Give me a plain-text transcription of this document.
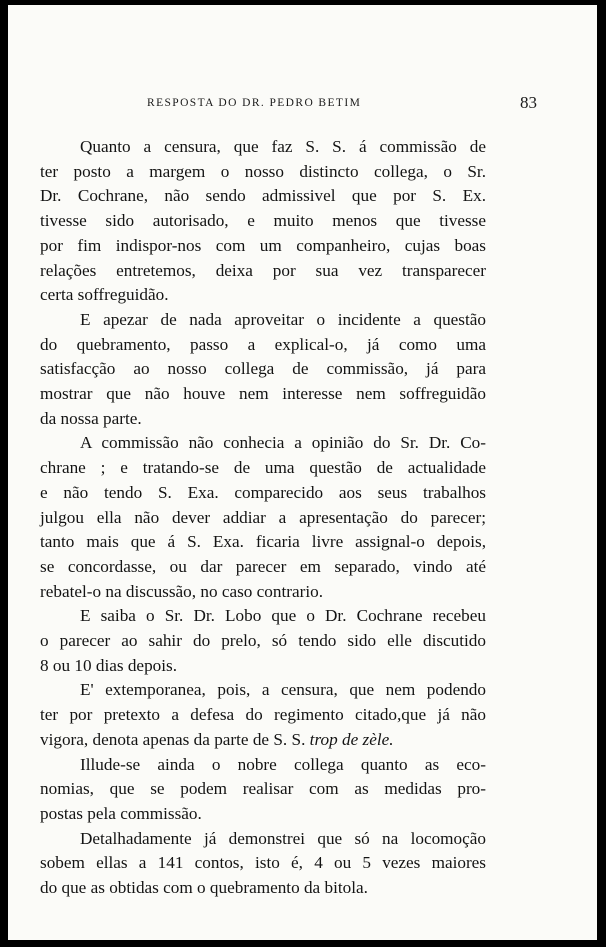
RESPOSTA DO DR. PEDRO BETIM	83

Quanto a censura, que faz S. S. á commissão de
ter posto a margem o nosso distincto collega, o Sr.
Dr. Cochrane, não sendo admissivel que por S. Ex.
tivesse sido autorisado, e muito menos que tivesse
por fim indispor-nos com um companheiro, cujas boas
relações entretemos, deixa por sua vez transparecer
certa soffreguidão.

E apezar de nada aproveitar o incidente a questão
do quebramento, passo a explical-o, já como uma
satisfacção ao nosso collega de commissão, já para
mostrar que não houve nem interesse nem soffreguidão
da nossa parte.

A commissão não conhecia a opinião do Sr. Dr. Co-
chrane ; e tratando-se de uma questão de actualidade
e não tendo S. Exa. comparecido aos seus trabalhos
julgou ella não dever addiar a apresentação do parecer;
tanto mais que á S. Exa. ficaria livre assignal-o depois,
se concordasse, ou dar parecer em separado, vindo até
rebatel-o na discussão, no caso contrario.

E saiba o Sr. Dr. Lobo que o Dr. Cochrane recebeu
o parecer ao sahir do prelo, só tendo sido elle discutido
8 ou 10 dias depois.

E' extemporanea, pois, a censura, que nem podendo
ter por pretexto a defesa do regimento citado,que já não
vigora, denota apenas da parte de S. S. trop de zèle.

Illude-se ainda o nobre collega quanto as eco-
nomias, que se podem realisar com as medidas pro-
postas pela commissão.

Detalhadamente já demonstrei que só na locomoção
sobem ellas a 141 contos, isto é, 4 ou 5 vezes maiores
do que as obtidas com o quebramento da bitola.
